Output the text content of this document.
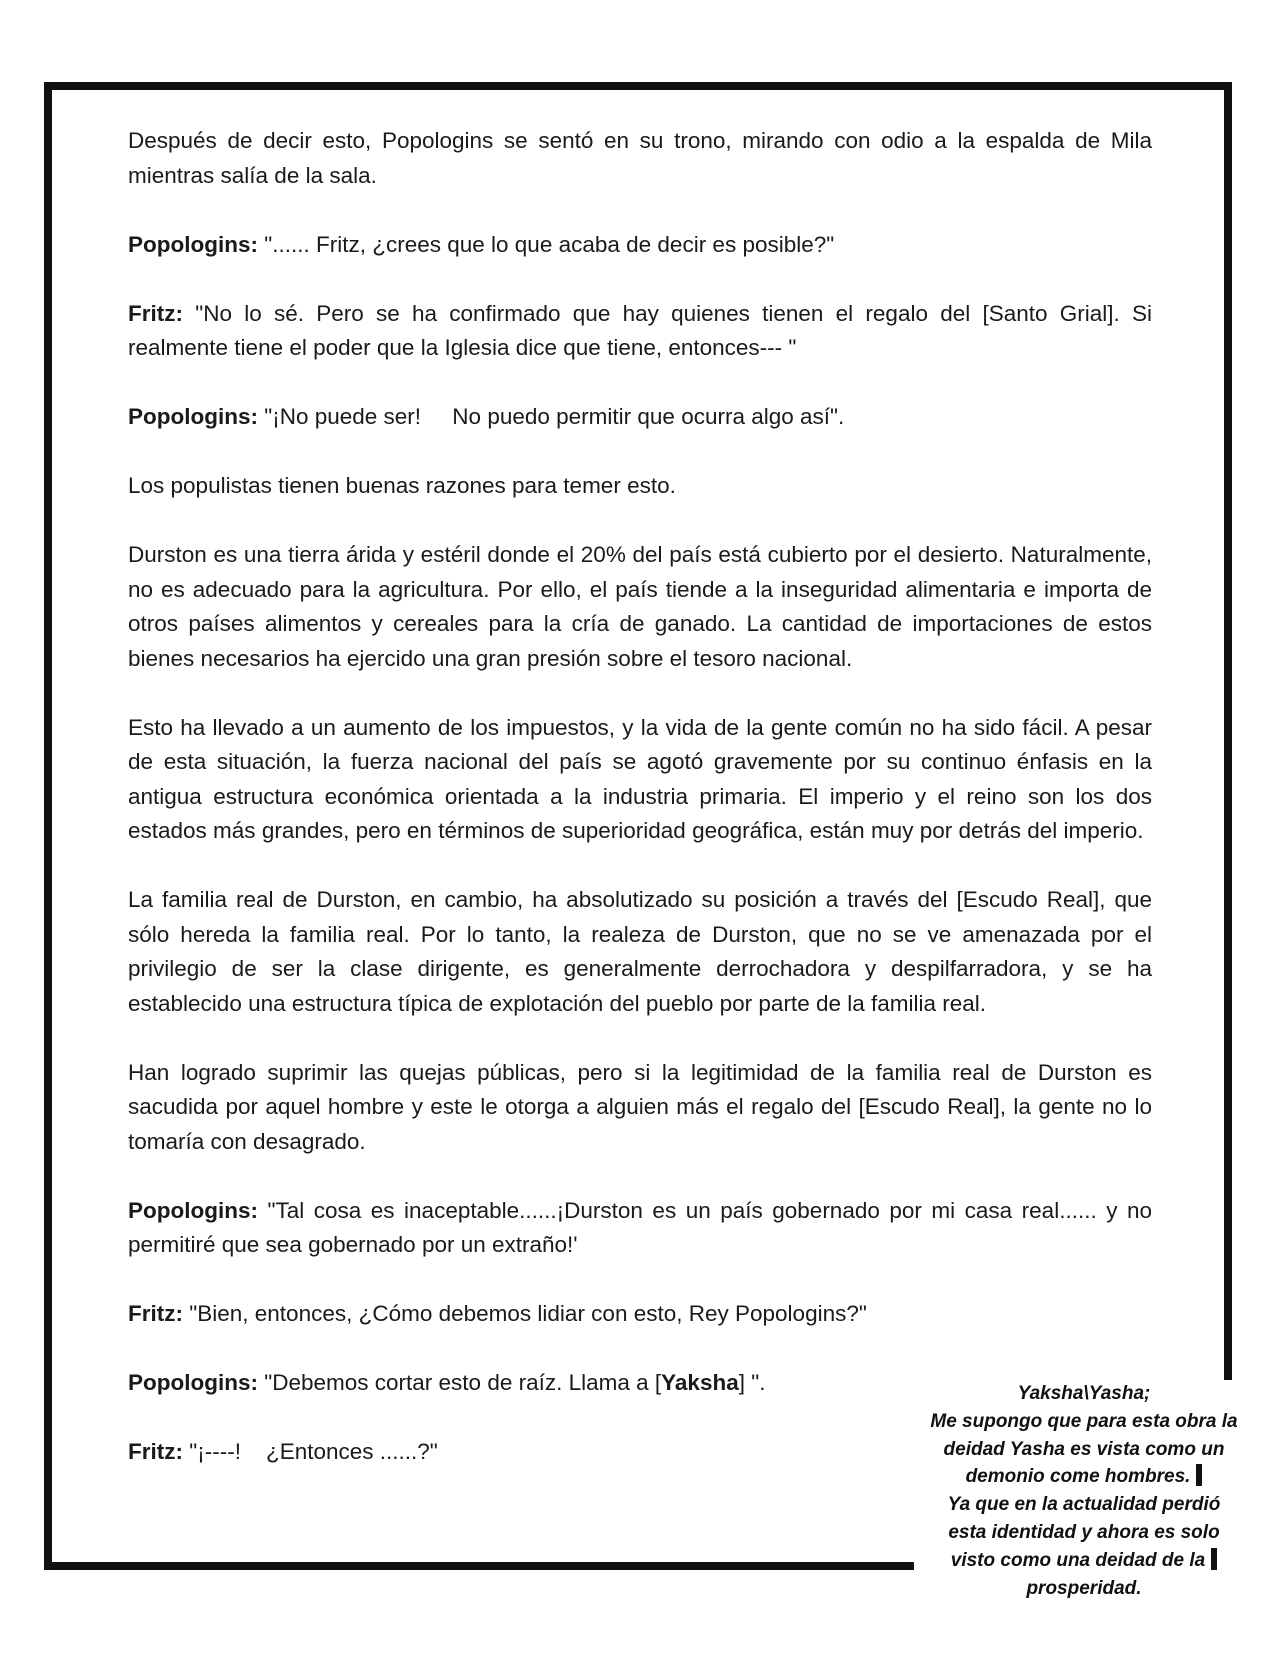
Después de decir esto, Popologins se sentó en su trono, mirando con odio a la espalda de Mila mientras salía de la sala.

Popologins: "...... Fritz, ¿crees que lo que acaba de decir es posible?"

Fritz: "No lo sé. Pero se ha confirmado que hay quienes tienen el regalo del [Santo Grial]. Si realmente tiene el poder que la Iglesia dice que tiene, entonces--- "

Popologins: "¡No puede ser!     No puedo permitir que ocurra algo así".

Los populistas tienen buenas razones para temer esto.

Durston es una tierra árida y estéril donde el 20% del país está cubierto por el desierto. Naturalmente, no es adecuado para la agricultura. Por ello, el país tiende a la inseguridad alimentaria e importa de otros países alimentos y cereales para la cría de ganado. La cantidad de importaciones de estos bienes necesarios ha ejercido una gran presión sobre el tesoro nacional.

Esto ha llevado a un aumento de los impuestos, y la vida de la gente común no ha sido fácil. A pesar de esta situación, la fuerza nacional del país se agotó gravemente por su continuo énfasis en la antigua estructura económica orientada a la industria primaria. El imperio y el reino son los dos estados más grandes, pero en términos de superioridad geográfica, están muy por detrás del imperio.

La familia real de Durston, en cambio, ha absolutizado su posición a través del [Escudo Real], que sólo hereda la familia real. Por lo tanto, la realeza de Durston, que no se ve amenazada por el privilegio de ser la clase dirigente, es generalmente derrochadora y despilfarradora, y se ha establecido una estructura típica de explotación del pueblo por parte de la familia real.

Han logrado suprimir las quejas públicas, pero si la legitimidad de la familia real de Durston es sacudida por aquel hombre y este le otorga a alguien más el regalo del [Escudo Real], la gente no lo tomaría con desagrado.

Popologins: "Tal cosa es inaceptable......¡Durston es un país gobernado por mi casa real...... y no permitiré que sea gobernado por un extraño!'

Fritz: "Bien, entonces, ¿Cómo debemos lidiar con esto, Rey Popologins?"

Popologins: "Debemos cortar esto de raíz. Llama a [Yaksha] ".

Fritz: "¡----!    ¿Entonces ......?"

Yaksha\Yasha;
Me supongo que para esta obra la
deidad Yasha es vista como un
demonio come hombres.
Ya que en la actualidad perdió
esta identidad y ahora es solo
visto como una deidad de la
prosperidad.
